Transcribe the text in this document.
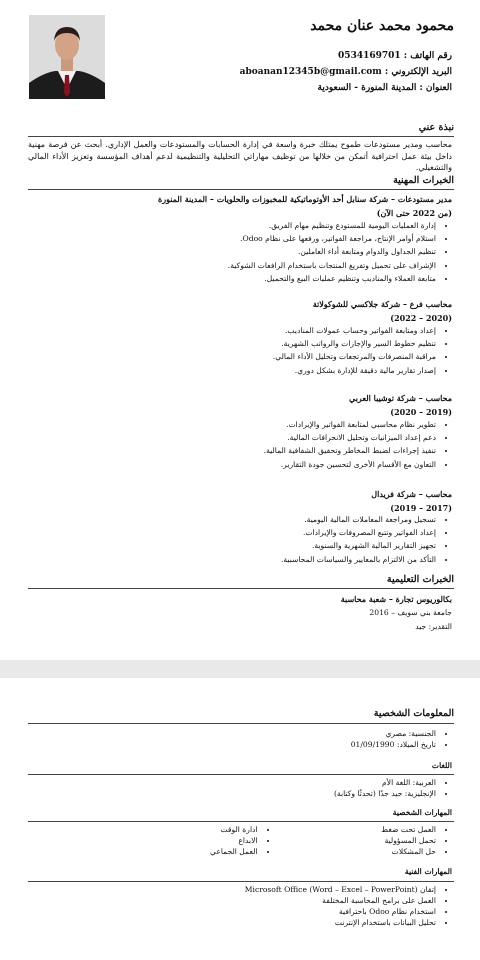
محمود محمد عنان محمد
رقم الهاتف : 0534169701
البريد الإلكتروني : aboanan12345b@gmail.com
العنوان : المدينة المنورة - السعودية
نبذة عني
محاسب ومدير مستودعات طموح يمتلك خبرة واسعة في إدارة الحسابات والمستودعات والعمل الإداري. أبحث عن فرصة مهنية داخل بيئة عمل احترافية أتمكن من خلالها من توظيف مهاراتي التحليلية والتنظيمية لدعم أهداف المؤسسة وتعزيز الأداء المالي والتشغيلي.
الخبرات المهنية
مدير مستودعات – شركة سنابل أحد الأوتوماتيكية للمخبوزات والحلويات – المدينة المنورة
(من 2022 حتى الآن)
• إدارة العمليات اليومية للمستودع وتنظيم مهام الفريق.
• استلام أوامر الإنتاج، مراجعة الفواتير، ورفعها على نظام Odoo.
• تنظيم الجداول والدوام ومتابعة أداء العاملين.
• الإشراف على تحميل وتفريغ المنتجات باستخدام الرافعات الشوكية.
• متابعة العملاء والمناديب وتنظيم عمليات البيع والتحميل.
محاسب فرع – شركة جلاكسي للشوكولاتة
(2020 – 2022)
• إعداد ومتابعة الفواتير وحساب عمولات المناديب.
• تنظيم خطوط السير والإجازات والرواتب الشهرية.
• مراقبة المنصرفات والمرتجعات وتحليل الأداء المالي.
• إصدار تقارير مالية دقيقة للإدارة بشكل دوري.
محاسب – شركة توشيبا العربي
(2019 – 2020)
• تطوير نظام محاسبي لمتابعة الفواتير والإيرادات.
• دعم إعداد الميزانيات وتحليل الانحرافات المالية.
• تنفيذ إجراءات لضبط المخاطر وتحقيق الشفافية المالية.
• التعاون مع الأقسام الأخرى لتحسين جودة التقارير.
محاسب – شركة فريدال
(2017 – 2019)
• تسجيل ومراجعة المعاملات المالية اليومية.
• إعداد الفواتير وتتبع المصروفات والإيرادات.
• تجهيز التقارير المالية الشهرية والسنوية.
• التأكد من الالتزام بالمعايير والسياسات المحاسبية.
الخبرات التعليمية
بكالوريوس تجارة – شعبة محاسبة
جامعة بني سويف – 2016
التقدير: جيد
المعلومات الشخصية
• الجنسية: مصري
• تاريخ الميلاد: 01/09/1990
اللغات
• العربية: اللغة الأم
• الإنجليزية: جيد جدًا (تحدثًا وكتابة)
المهارات الشخصية
• العمل تحت ضغط
• تحمل المسؤولية
• حل المشكلات
• ادارة الوقت
• الابداع
• العمل الجماعي
المهارات الفنية
• إتقان Microsoft Office (Word – Excel – PowerPoint)
• العمل على برامج المحاسبة المختلفة
• استخدام نظام Odoo باحترافية
• تحليل البيانات باستخدام الإنترنت
